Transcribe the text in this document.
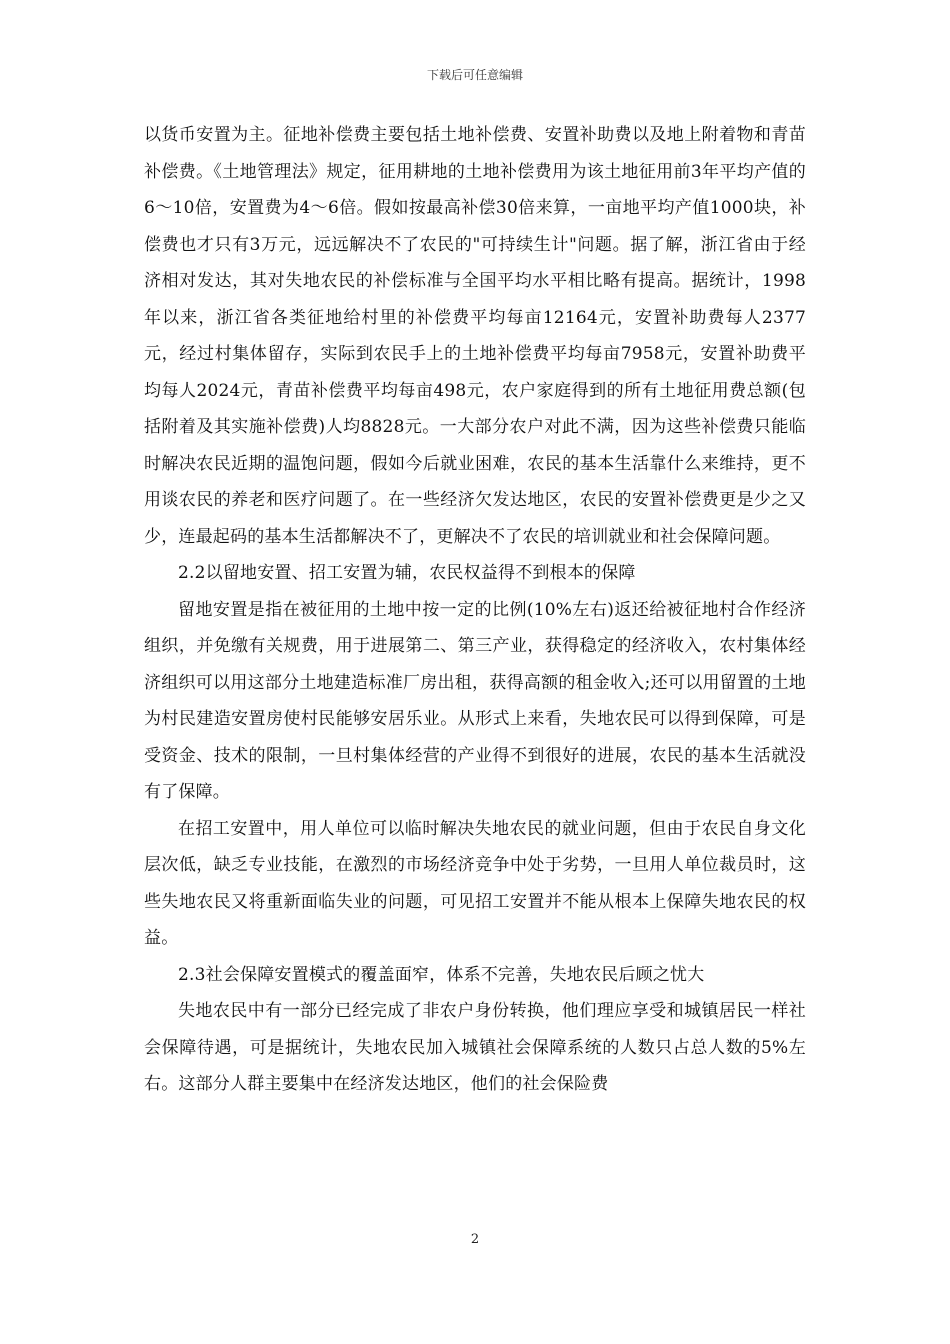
下载后可任意编辑

以货币安置为主。征地补偿费主要包括土地补偿费、安置补助费以及地上附着物和青苗补偿费。《土地管理法》规定，征用耕地的土地补偿费用为该土地征用前3年平均产值的6～10倍，安置费为4～6倍。假如按最高补偿30倍来算，一亩地平均产值1000块，补偿费也才只有3万元，远远解决不了农民的"可持续生计"问题。据了解，浙江省由于经济相对发达，其对失地农民的补偿标准与全国平均水平相比略有提高。据统计，1998年以来，浙江省各类征地给村里的补偿费平均每亩12164元，安置补助费每人2377元，经过村集体留存，实际到农民手上的土地补偿费平均每亩7958元，安置补助费平均每人2024元，青苗补偿费平均每亩498元，农户家庭得到的所有土地征用费总额(包括附着及其实施补偿费)人均8828元。一大部分农户对此不满，因为这些补偿费只能临时解决农民近期的温饱问题，假如今后就业困难，农民的基本生活靠什么来维持，更不用谈农民的养老和医疗问题了。在一些经济欠发达地区，农民的安置补偿费更是少之又少，连最起码的基本生活都解决不了，更解决不了农民的培训就业和社会保障问题。

2.2以留地安置、招工安置为辅，农民权益得不到根本的保障

留地安置是指在被征用的土地中按一定的比例(10%左右)返还给被征地村合作经济组织，并免缴有关规费，用于进展第二、第三产业，获得稳定的经济收入，农村集体经济组织可以用这部分土地建造标准厂房出租，获得高额的租金收入;还可以用留置的土地为村民建造安置房使村民能够安居乐业。从形式上来看，失地农民可以得到保障，可是受资金、技术的限制，一旦村集体经营的产业得不到很好的进展，农民的基本生活就没有了保障。

在招工安置中，用人单位可以临时解决失地农民的就业问题，但由于农民自身文化层次低，缺乏专业技能，在激烈的市场经济竞争中处于劣势，一旦用人单位裁员时，这些失地农民又将重新面临失业的问题，可见招工安置并不能从根本上保障失地农民的权益。

2.3社会保障安置模式的覆盖面窄，体系不完善，失地农民后顾之忧大

失地农民中有一部分已经完成了非农户身份转换，他们理应享受和城镇居民一样社会保障待遇，可是据统计，失地农民加入城镇社会保障系统的人数只占总人数的5%左右。这部分人群主要集中在经济发达地区，他们的社会保险费

2
